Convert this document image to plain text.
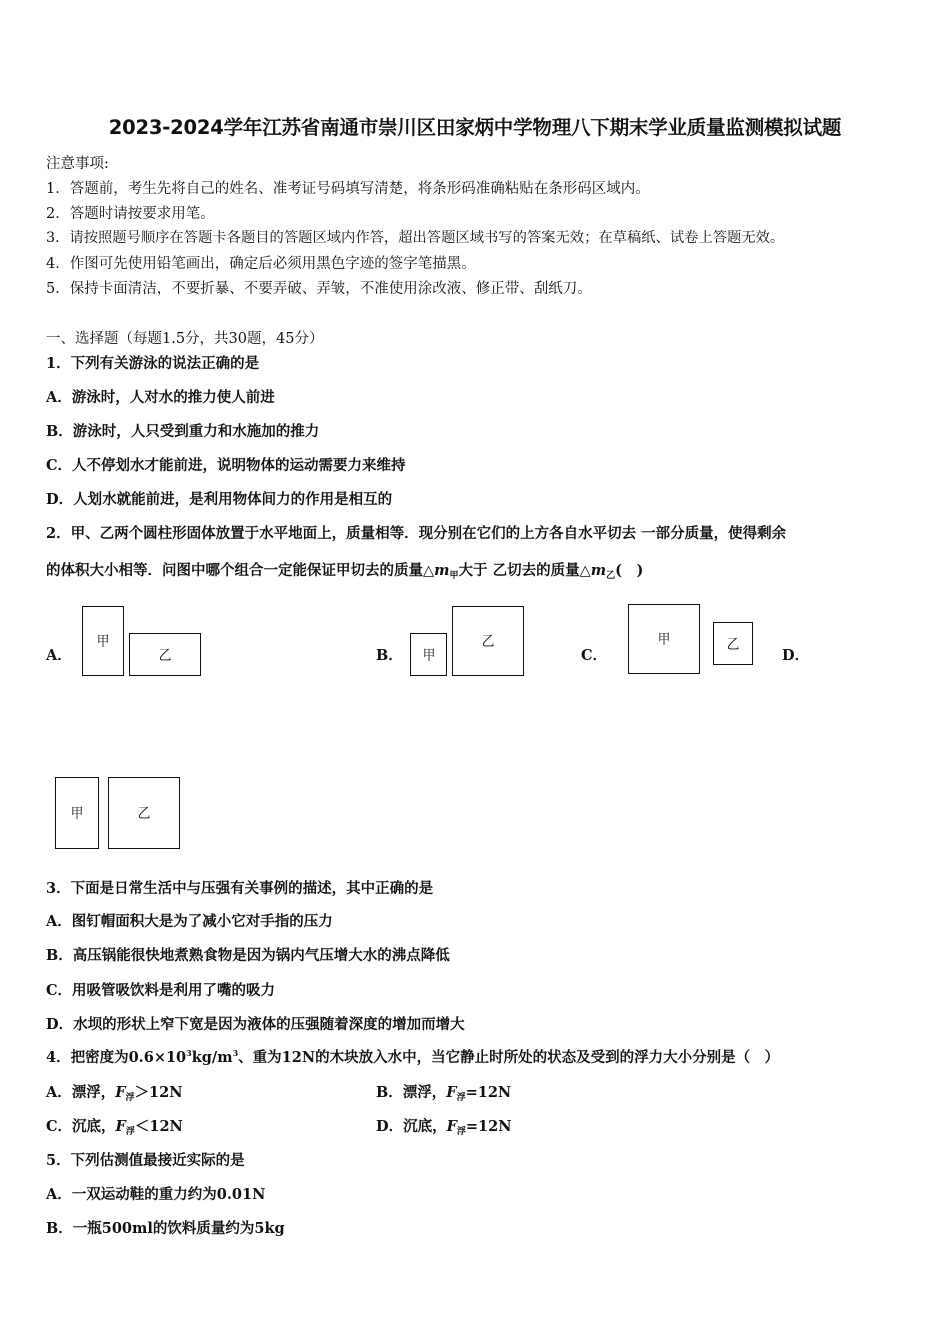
2023-2024学年江苏省南通市崇川区田家炳中学物理八下期末学业质量监测模拟试题
注意事项:
1．答题前，考生先将自己的姓名、准考证号码填写清楚，将条形码准确粘贴在条形码区域内。
2．答题时请按要求用笔。
3．请按照题号顺序在答题卡各题目的答题区域内作答，超出答题区域书写的答案无效；在草稿纸、试卷上答题无效。
4．作图可先使用铅笔画出，确定后必须用黑色字迹的签字笔描黑。
5．保持卡面清洁，不要折暴、不要弄破、弄皱，不准使用涂改液、修正带、刮纸刀。
一、选择题（每题1.5分，共30题，45分）
1．下列有关游泳的说法正确的是
A．游泳时，人对水的推力使人前进
B．游泳时，人只受到重力和水施加的推力
C．人不停划水才能前进，说明物体的运动需要力来维持
D．人划水就能前进，是利用物体间力的作用是相互的
2．甲、乙两个圆柱形固体放置于水平地面上，质量相等．现分别在它们的上方各自水平切去 一部分质量，使得剩余
的体积大小相等．问图中哪个组合一定能保证甲切去的质量$\triangle m_甲$大于 乙切去的质量$\triangle m_乙$(　)
A．
甲
乙	B． 甲
乙
C．
甲	乙
D．
甲	乙
3．下面是日常生活中与压强有关事例的描述，其中正确的是
A．图钉帽面积大是为了减小它对手指的压力
B．高压锅能很快地煮熟食物是因为锅内气压增大水的沸点降低
C．用吸管吸饮料是利用了嘴的吸力
D．水坝的形状上窄下宽是因为液体的压强随着深度的增加而增大
4．把密度为$0.6\times 10^3kg/m^3$、重为12N的木块放入水中，当它静止时所处的状态及受到的浮力大小分别是（　）
A．漂浮，$F_浮>12N$	B．漂浮，$F_浮=12N$
C．沉底，$F_浮<12N$	D．沉底，$F_浮=12N$
5．下列估测值最接近实际的是
A．一双运动鞋的重力约为0.01N
B．一瓶500ml的饮料质量约为5kg
